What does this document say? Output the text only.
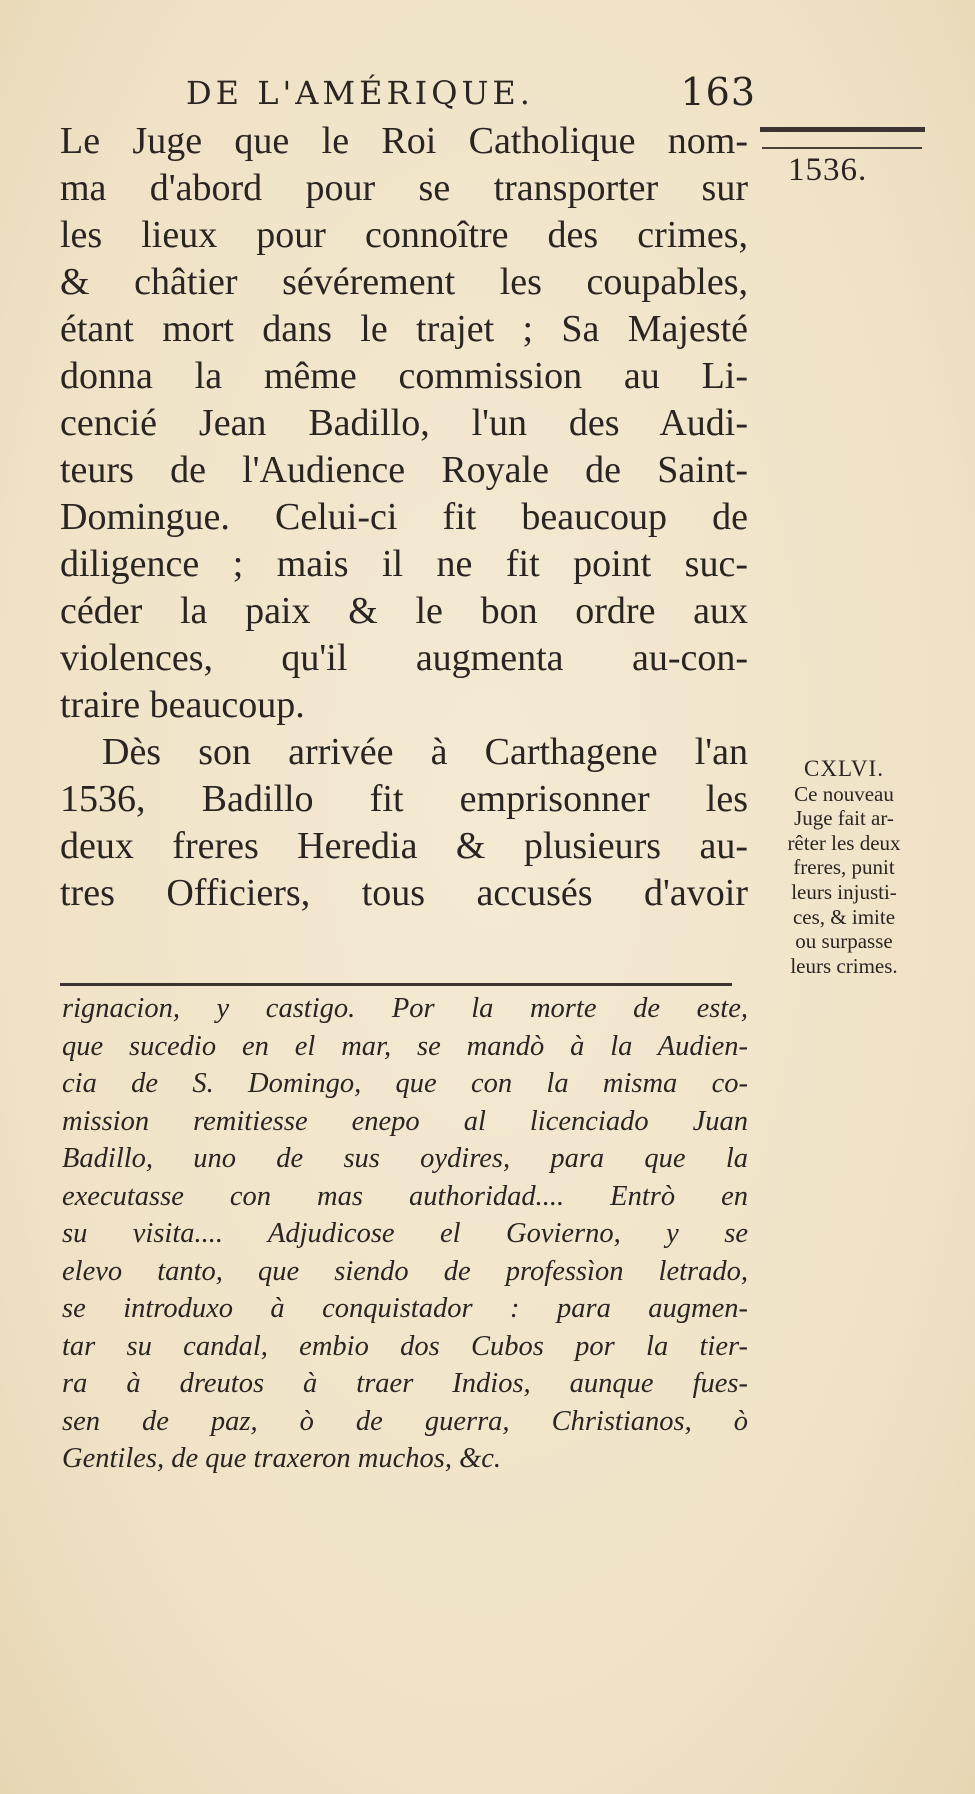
DE L'AMÉRIQUE.	163
1536.
Le Juge que le Roi Catholique nom-
ma d'abord pour se transporter sur
les lieux pour connoître des crimes,
& châtier sévérement les coupables,
étant mort dans le trajet ; Sa Majesté
donna la même commission au Li-
cencié Jean Badillo, l'un des Audi-
teurs de l'Audience Royale de Saint-
Domingue. Celui-ci fit beaucoup de
diligence ; mais il ne fit point suc-
céder la paix & le bon ordre aux
violences, qu'il augmenta au-con-
traire beaucoup.
Dès son arrivée à Carthagene l'an
1536, Badillo fit emprisonner les
deux freres Heredia & plusieurs au-
tres Officiers, tous accusés d'avoir
CXLVI.
Ce nouveau
Juge fait ar-
rêter les deux
freres, punit
leurs injusti-
ces, & imite
ou surpasse
leurs crimes.
rignacion, y castigo. Por la morte de este,
que sucedio en el mar, se mandò à la Audien-
cia de S. Domingo, que con la misma co-
mission remitiesse enepo al licenciado Juan
Badillo, uno de sus oydires, para que la
executasse con mas authoridad.... Entrò en
su visita.... Adjudicose el Govierno, y se
elevo tanto, que siendo de professìon letrado,
se introduxo à conquistador : para augmen-
tar su candal, embio dos Cubos por la tier-
ra à dreutos à traer Indios, aunque fues-
sen de paz, ò de guerra, Christianos, ò
Gentiles, de que traxeron muchos, &c.
